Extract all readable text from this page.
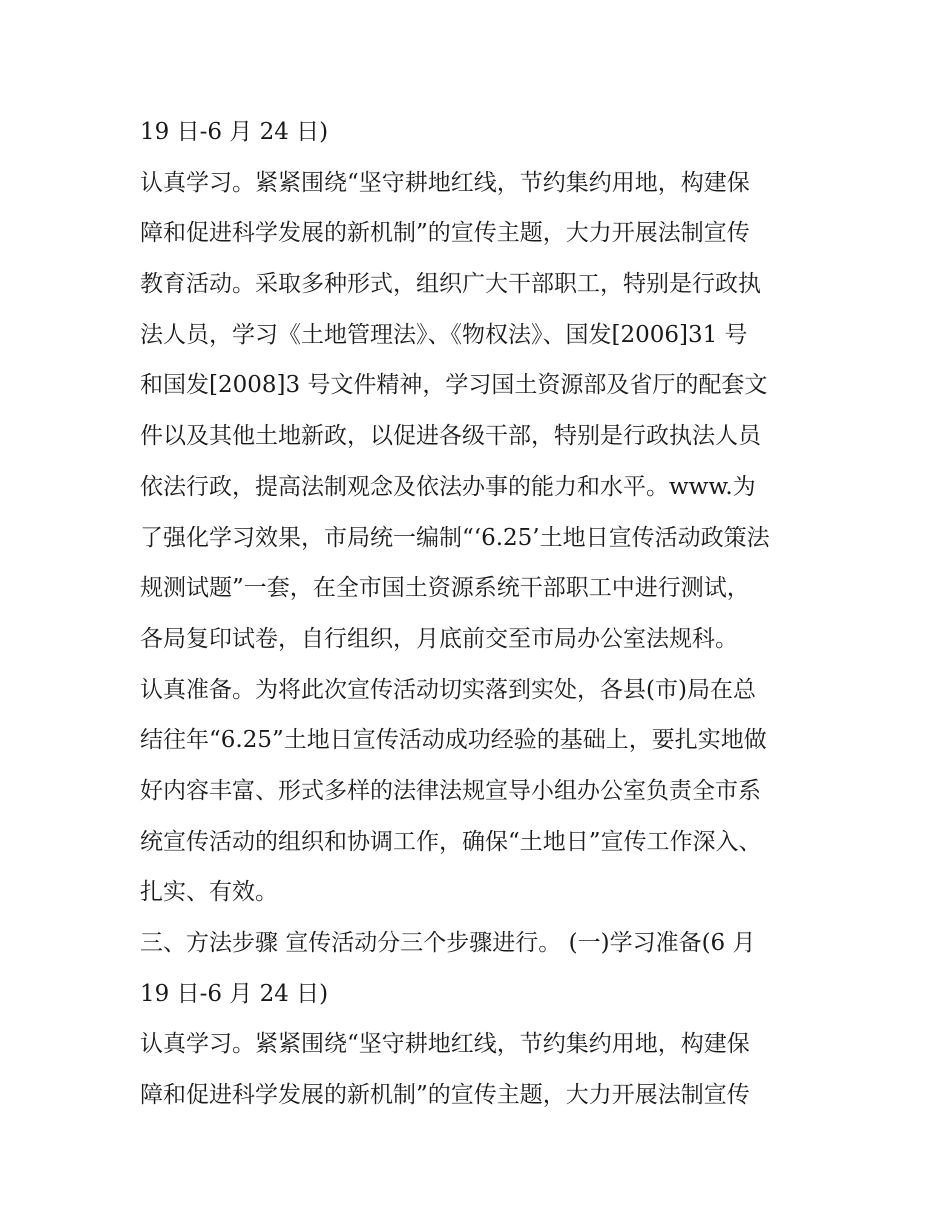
19 日-6 月 24 日)
认真学习。紧紧围绕“坚守耕地红线，节约集约用地，构建保
障和促进科学发展的新机制”的宣传主题，大力开展法制宣传
教育活动。采取多种形式，组织广大干部职工，特别是行政执
法人员，学习《土地管理法》、《物权法》、国发[2006]31 号
和国发[2008]3 号文件精神，学习国土资源部及省厅的配套文
件以及其他土地新政，以促进各级干部，特别是行政执法人员
依法行政，提高法制观念及依法办事的能力和水平。www.为
了强化学习效果，市局统一编制“‘6.25’土地日宣传活动政策法
规测试题”一套，在全市国土资源系统干部职工中进行测试，
各局复印试卷，自行组织，月底前交至市局办公室法规科。
认真准备。为将此次宣传活动切实落到实处，各县(市)局在总
结往年“6.25”土地日宣传活动成功经验的基础上，要扎实地做
好内容丰富、形式多样的法律法规宣导小组办公室负责全市系
统宣传活动的组织和协调工作，确保“土地日”宣传工作深入、
扎实、有效。
三、方法步骤 宣传活动分三个步骤进行。 (一)学习准备(6 月
19 日-6 月 24 日)
认真学习。紧紧围绕“坚守耕地红线，节约集约用地，构建保
障和促进科学发展的新机制”的宣传主题，大力开展法制宣传
